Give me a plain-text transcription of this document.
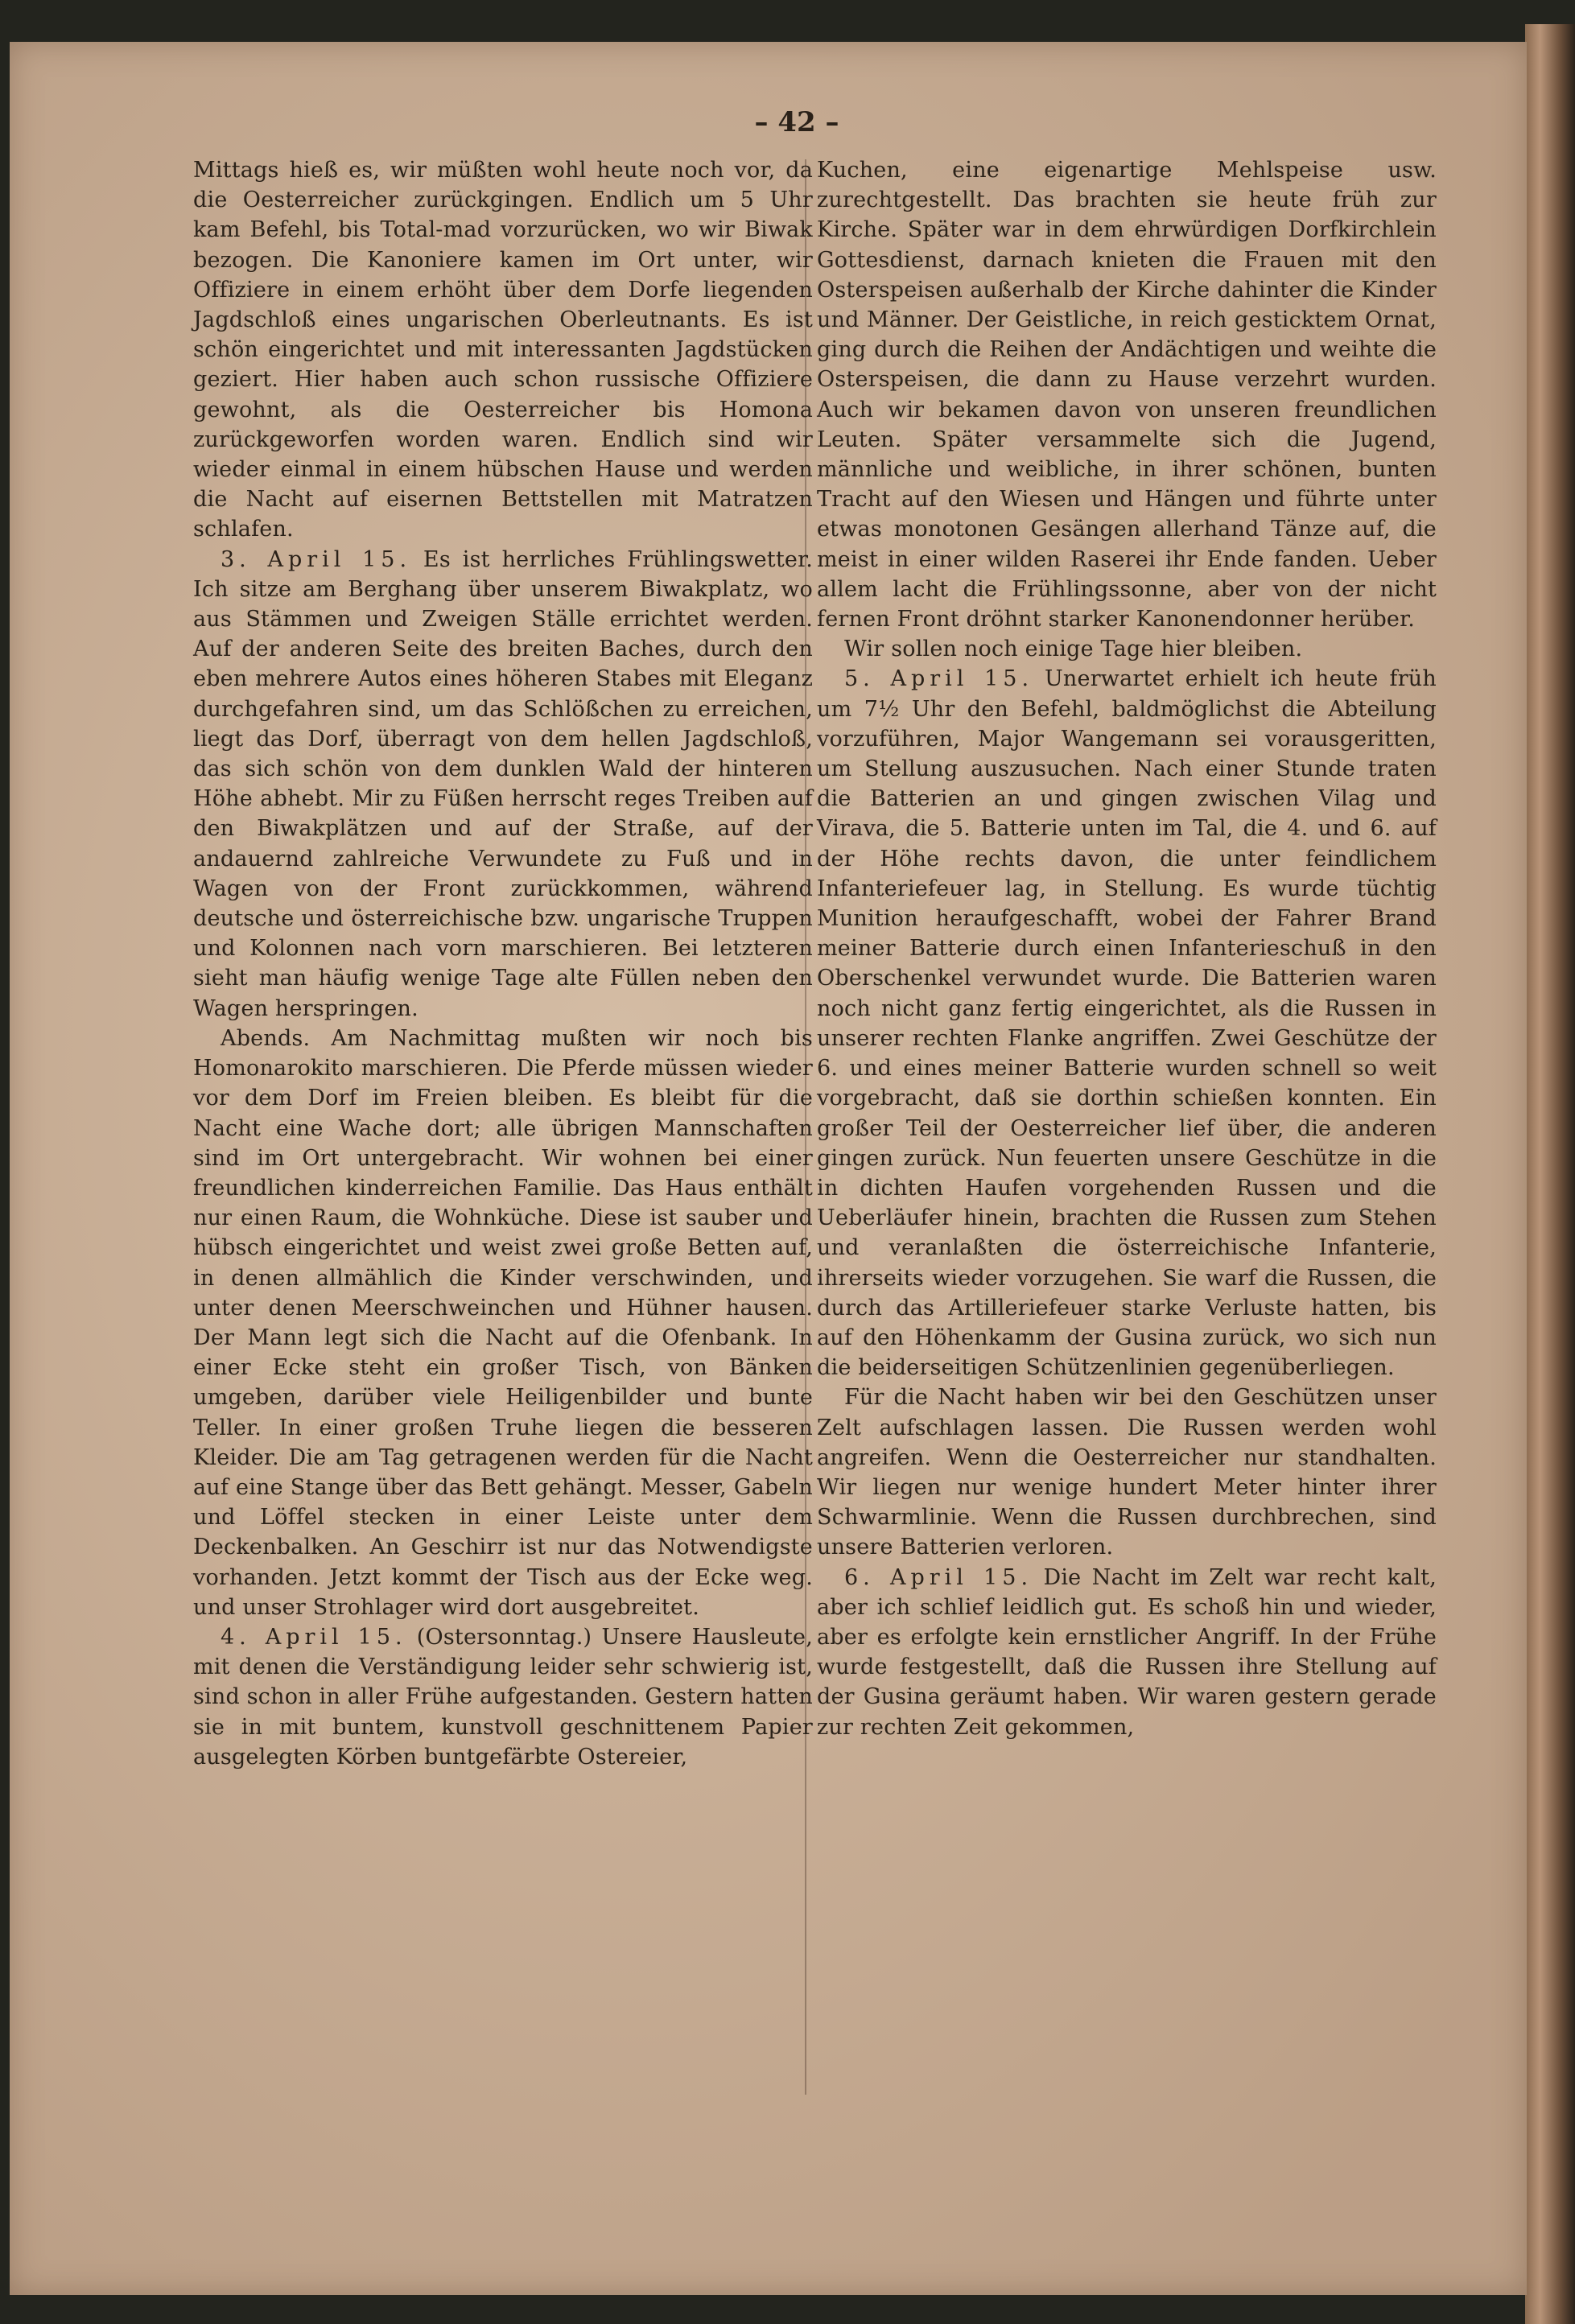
– 42 –

Mittags hieß es, wir müßten wohl heute noch vor, da die Oesterreicher zurückgingen. Endlich um 5 Uhr kam Befehl, bis Total-mad vorzurücken, wo wir Biwak bezogen. Die Kanoniere kamen im Ort unter, wir Offiziere in einem erhöht über dem Dorfe liegenden Jagdschloß eines ungarischen Oberleutnants. Es ist schön eingerichtet und mit interessanten Jagdstücken geziert. Hier haben auch schon russische Offiziere gewohnt, als die Oesterreicher bis Homona zurückgeworfen worden waren. Endlich sind wir wieder einmal in einem hübschen Hause und werden die Nacht auf eisernen Bettstellen mit Matratzen schlafen.

3. April 15. Es ist herrliches Frühlingswetter. Ich sitze am Berghang über unserem Biwakplatz, wo aus Stämmen und Zweigen Ställe errichtet werden. Auf der anderen Seite des breiten Baches, durch den eben mehrere Autos eines höheren Stabes mit Eleganz durchgefahren sind, um das Schlößchen zu erreichen, liegt das Dorf, überragt von dem hellen Jagdschloß, das sich schön von dem dunklen Wald der hinteren Höhe abhebt. Mir zu Füßen herrscht reges Treiben auf den Biwakplätzen und auf der Straße, auf der andauernd zahlreiche Verwundete zu Fuß und in Wagen von der Front zurückkommen, während deutsche und österreichische bzw. ungarische Truppen und Kolonnen nach vorn marschieren. Bei letzteren sieht man häufig wenige Tage alte Füllen neben den Wagen herspringen.

Abends. Am Nachmittag mußten wir noch bis Homonarokito marschieren. Die Pferde müssen wieder vor dem Dorf im Freien bleiben. Es bleibt für die Nacht eine Wache dort; alle übrigen Mannschaften sind im Ort untergebracht. Wir wohnen bei einer freundlichen kinderreichen Familie. Das Haus enthält nur einen Raum, die Wohnküche. Diese ist sauber und hübsch eingerichtet und weist zwei große Betten auf, in denen allmählich die Kinder verschwinden, und unter denen Meerschweinchen und Hühner hausen. Der Mann legt sich die Nacht auf die Ofenbank. In einer Ecke steht ein großer Tisch, von Bänken umgeben, darüber viele Heiligenbilder und bunte Teller. In einer großen Truhe liegen die besseren Kleider. Die am Tag getragenen werden für die Nacht auf eine Stange über das Bett gehängt. Messer, Gabeln und Löffel stecken in einer Leiste unter dem Deckenbalken. An Geschirr ist nur das Notwendigste vorhanden. Jetzt kommt der Tisch aus der Ecke weg. und unser Strohlager wird dort ausgebreitet.

4. April 15. (Ostersonntag.) Unsere Hausleute, mit denen die Verständigung leider sehr schwierig ist, sind schon in aller Frühe aufgestanden. Gestern hatten sie in mit buntem, kunstvoll geschnittenem Papier ausgelegten Körben buntgefärbte Ostereier,

Kuchen, eine eigenartige Mehlspeise usw. zurechtgestellt. Das brachten sie heute früh zur Kirche. Später war in dem ehrwürdigen Dorfkirchlein Gottesdienst, darnach knieten die Frauen mit den Osterspeisen außerhalb der Kirche dahinter die Kinder und Männer. Der Geistliche, in reich gesticktem Ornat, ging durch die Reihen der Andächtigen und weihte die Osterspeisen, die dann zu Hause verzehrt wurden. Auch wir bekamen davon von unseren freundlichen Leuten. Später versammelte sich die Jugend, männliche und weibliche, in ihrer schönen, bunten Tracht auf den Wiesen und Hängen und führte unter etwas monotonen Gesängen allerhand Tänze auf, die meist in einer wilden Raserei ihr Ende fanden. Ueber allem lacht die Frühlingssonne, aber von der nicht fernen Front dröhnt starker Kanonendonner herüber.

Wir sollen noch einige Tage hier bleiben.

5. April 15. Unerwartet erhielt ich heute früh um 7½ Uhr den Befehl, baldmöglichst die Abteilung vorzuführen, Major Wangemann sei vorausgeritten, um Stellung auszusuchen. Nach einer Stunde traten die Batterien an und gingen zwischen Vilag und Virava, die 5. Batterie unten im Tal, die 4. und 6. auf der Höhe rechts davon, die unter feindlichem Infanteriefeuer lag, in Stellung. Es wurde tüchtig Munition heraufgeschafft, wobei der Fahrer Brand meiner Batterie durch einen Infanterieschuß in den Oberschenkel verwundet wurde. Die Batterien waren noch nicht ganz fertig eingerichtet, als die Russen in unserer rechten Flanke angriffen. Zwei Geschütze der 6. und eines meiner Batterie wurden schnell so weit vorgebracht, daß sie dorthin schießen konnten. Ein großer Teil der Oesterreicher lief über, die anderen gingen zurück. Nun feuerten unsere Geschütze in die in dichten Haufen vorgehenden Russen und die Ueberläufer hinein, brachten die Russen zum Stehen und veranlaßten die österreichische Infanterie, ihrerseits wieder vorzugehen. Sie warf die Russen, die durch das Artilleriefeuer starke Verluste hatten, bis auf den Höhenkamm der Gusina zurück, wo sich nun die beiderseitigen Schützenlinien gegenüberliegen.

Für die Nacht haben wir bei den Geschützen unser Zelt aufschlagen lassen. Die Russen werden wohl angreifen. Wenn die Oesterreicher nur standhalten. Wir liegen nur wenige hundert Meter hinter ihrer Schwarmlinie. Wenn die Russen durchbrechen, sind unsere Batterien verloren.

6. April 15. Die Nacht im Zelt war recht kalt, aber ich schlief leidlich gut. Es schoß hin und wieder, aber es erfolgte kein ernstlicher Angriff. In der Frühe wurde festgestellt, daß die Russen ihre Stellung auf der Gusina geräumt haben. Wir waren gestern gerade zur rechten Zeit gekommen,
